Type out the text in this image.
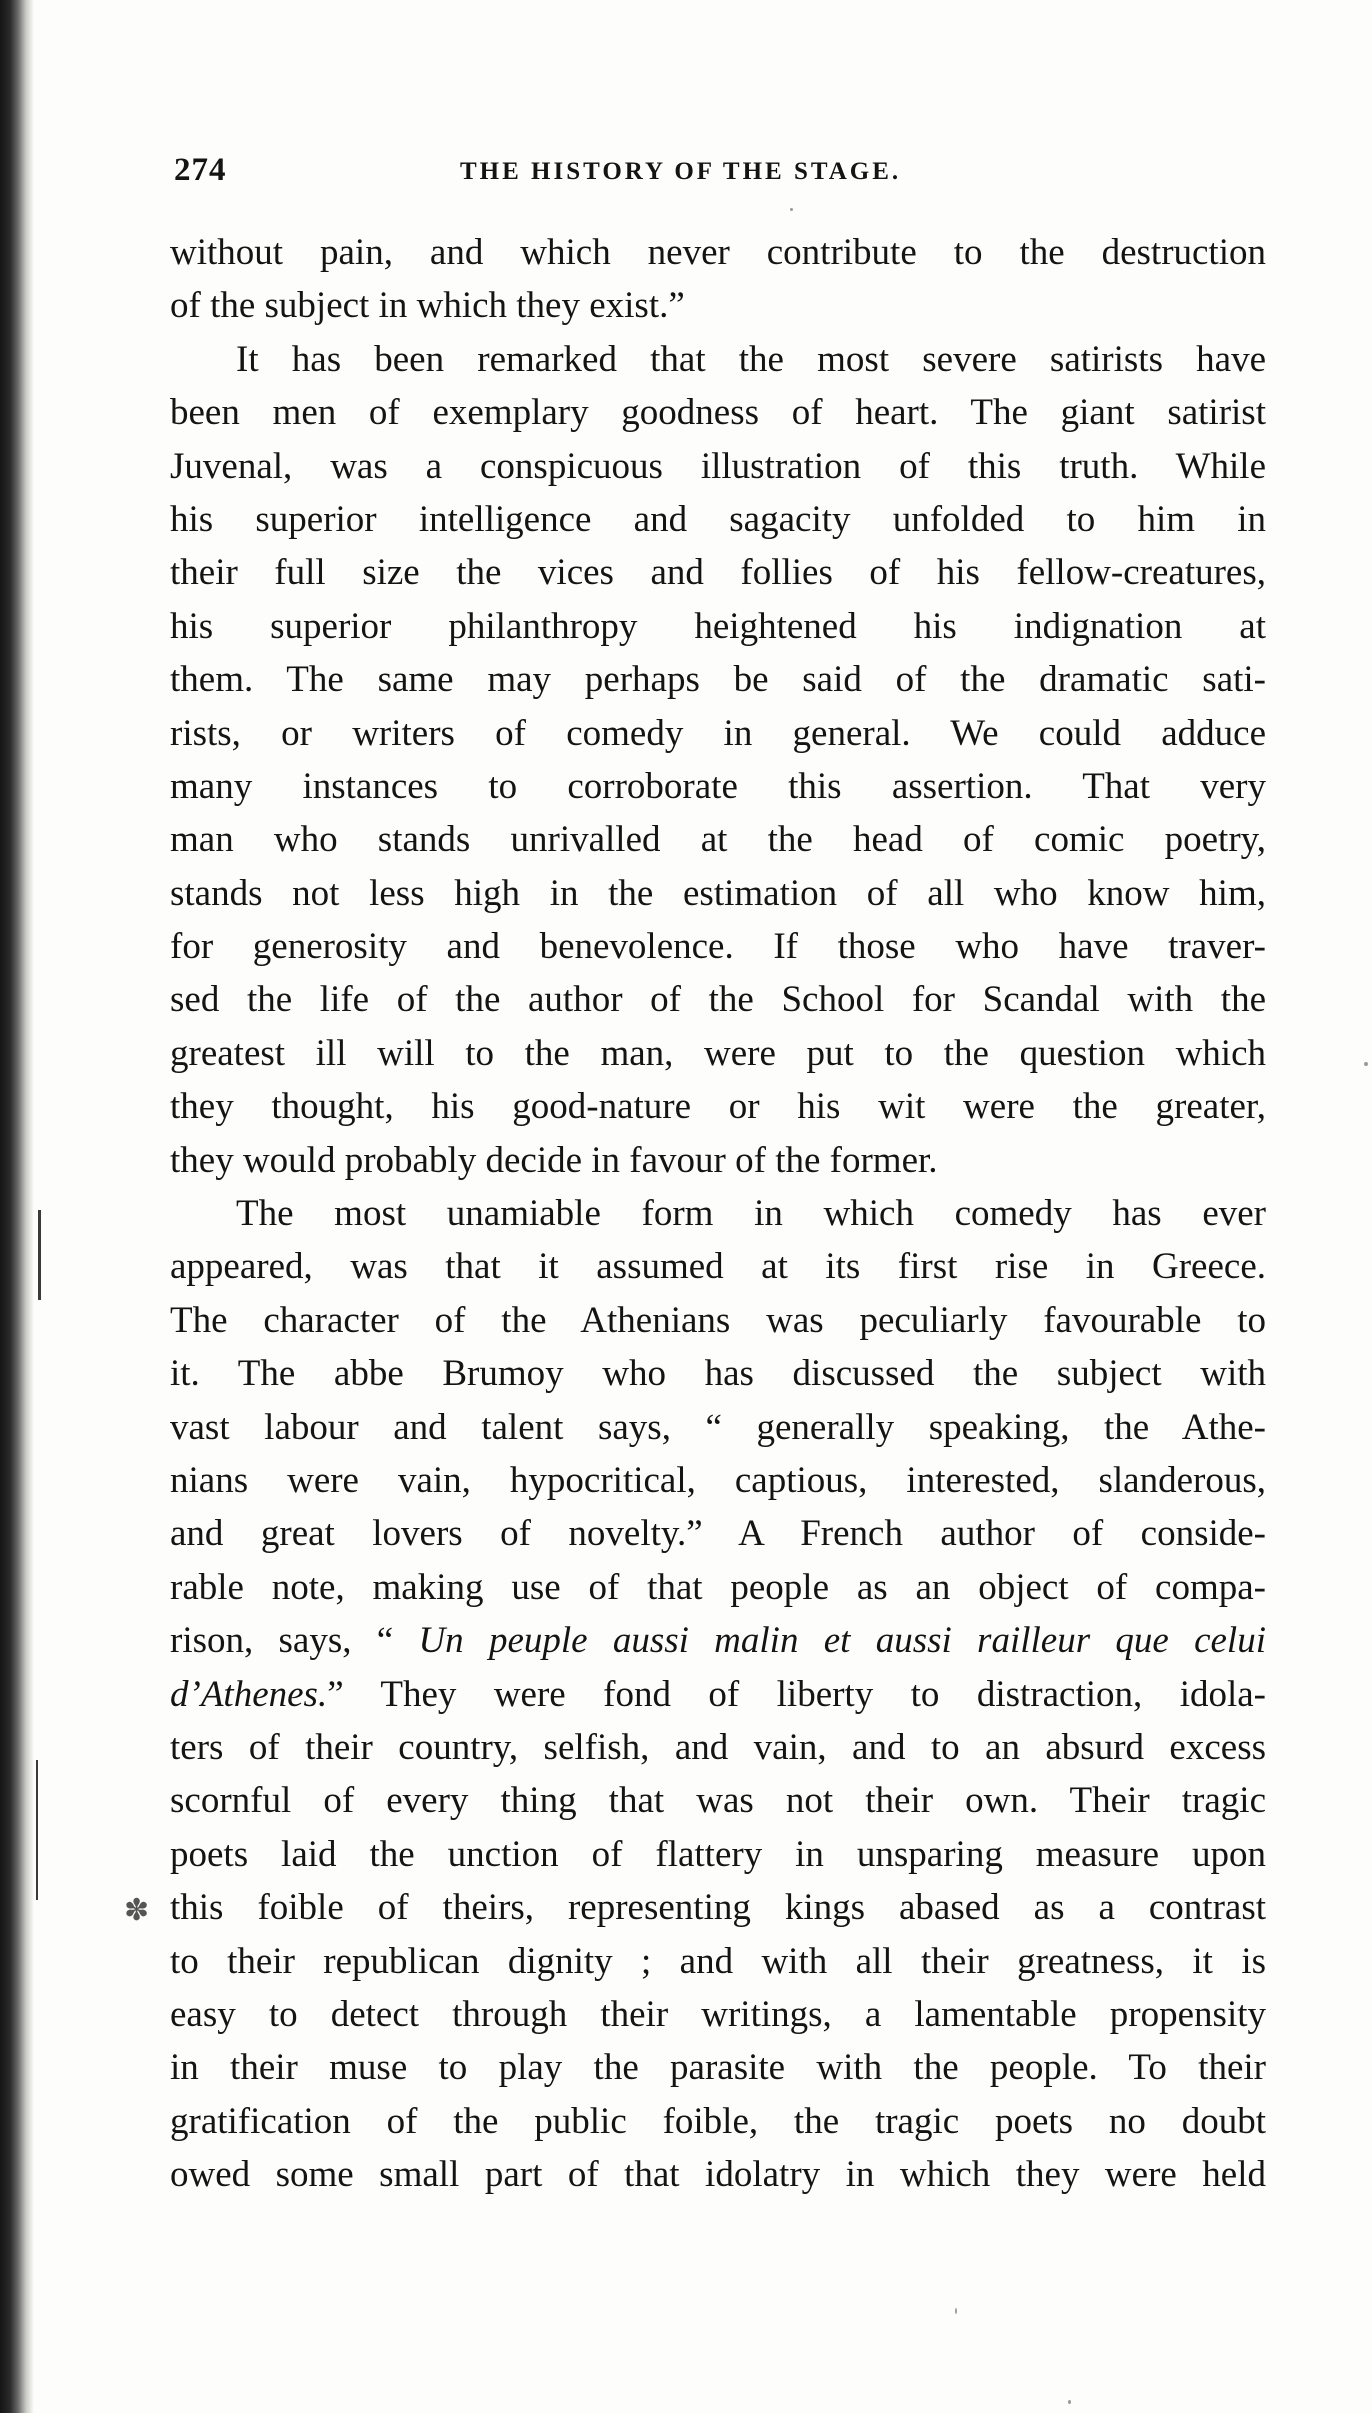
274	THE HISTORY OF THE STAGE.
without pain, and which never contribute to the destruction
of the subject in which they exist.”
It has been remarked that the most severe satirists have
been men of exemplary goodness of heart. The giant satirist
Juvenal, was a conspicuous illustration of this truth. While
his superior intelligence and sagacity unfolded to him in
their full size the vices and follies of his fellow-creatures,
his superior philanthropy heightened his indignation at
them. The same may perhaps be said of the dramatic sati-
rists, or writers of comedy in general. We could adduce
many instances to corroborate this assertion. That very
man who stands unrivalled at the head of comic poetry,
stands not less high in the estimation of all who know him,
for generosity and benevolence. If those who have traver-
sed the life of the author of the School for Scandal with the
greatest ill will to the man, were put to the question which
they thought, his good-nature or his wit were the greater,
they would probably decide in favour of the former.
The most unamiable form in which comedy has ever
appeared, was that it assumed at its first rise in Greece.
The character of the Athenians was peculiarly favourable to
it. The abbe Brumoy who has discussed the subject with
vast labour and talent says, “ generally speaking, the Athe-
nians were vain, hypocritical, captious, interested, slanderous,
and great lovers of novelty.” A French author of conside-
rable note, making use of that people as an object of compa-
rison, says, “ Un peuple aussi malin et aussi railleur que celui
d’Athenes.” They were fond of liberty to distraction, idola-
ters of their country, selfish, and vain, and to an absurd excess
scornful of every thing that was not their own. Their tragic
poets laid the unction of flattery in unsparing measure upon
this foible of theirs, representing kings abased as a contrast
to their republican dignity ; and with all their greatness, it is
easy to detect through their writings, a lamentable propensity
in their muse to play the parasite with the people. To their
gratification of the public foible, the tragic poets no doubt
owed some small part of that idolatry in which they were held
✽
